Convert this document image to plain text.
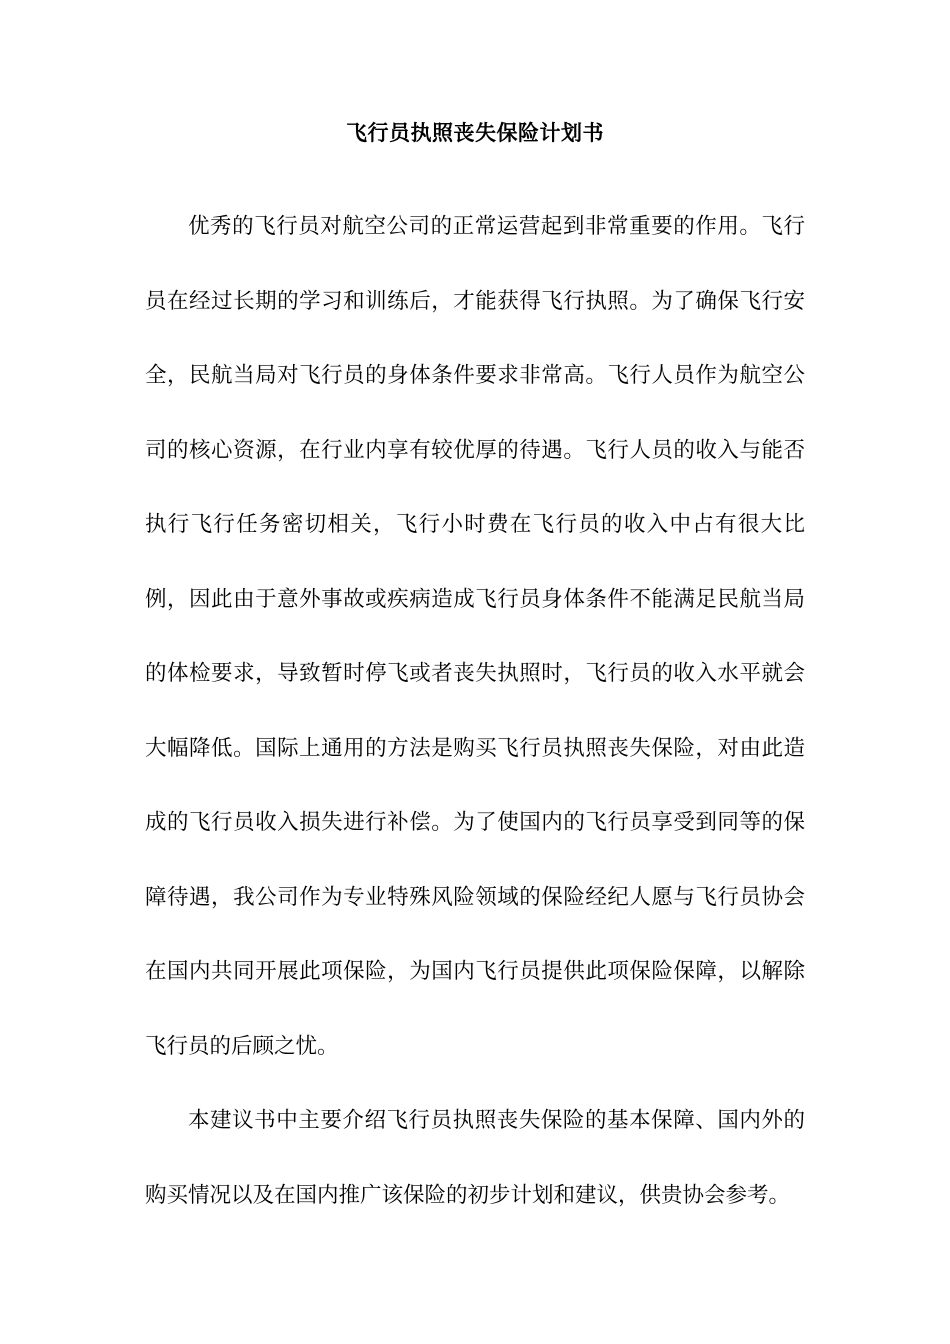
飞行员执照丧失保险计划书

优秀的飞行员对航空公司的正常运营起到非常重要的作用。飞行员在经过长期的学习和训练后，才能获得飞行执照。为了确保飞行安全，民航当局对飞行员的身体条件要求非常高。飞行人员作为航空公司的核心资源，在行业内享有较优厚的待遇。飞行人员的收入与能否执行飞行任务密切相关，飞行小时费在飞行员的收入中占有很大比例，因此由于意外事故或疾病造成飞行员身体条件不能满足民航当局的体检要求，导致暂时停飞或者丧失执照时，飞行员的收入水平就会大幅降低。国际上通用的方法是购买飞行员执照丧失保险，对由此造成的飞行员收入损失进行补偿。为了使国内的飞行员享受到同等的保障待遇，我公司作为专业特殊风险领域的保险经纪人愿与飞行员协会在国内共同开展此项保险，为国内飞行员提供此项保险保障，以解除飞行员的后顾之忧。

本建议书中主要介绍飞行员执照丧失保险的基本保障、国内外的购买情况以及在国内推广该保险的初步计划和建议，供贵协会参考。
